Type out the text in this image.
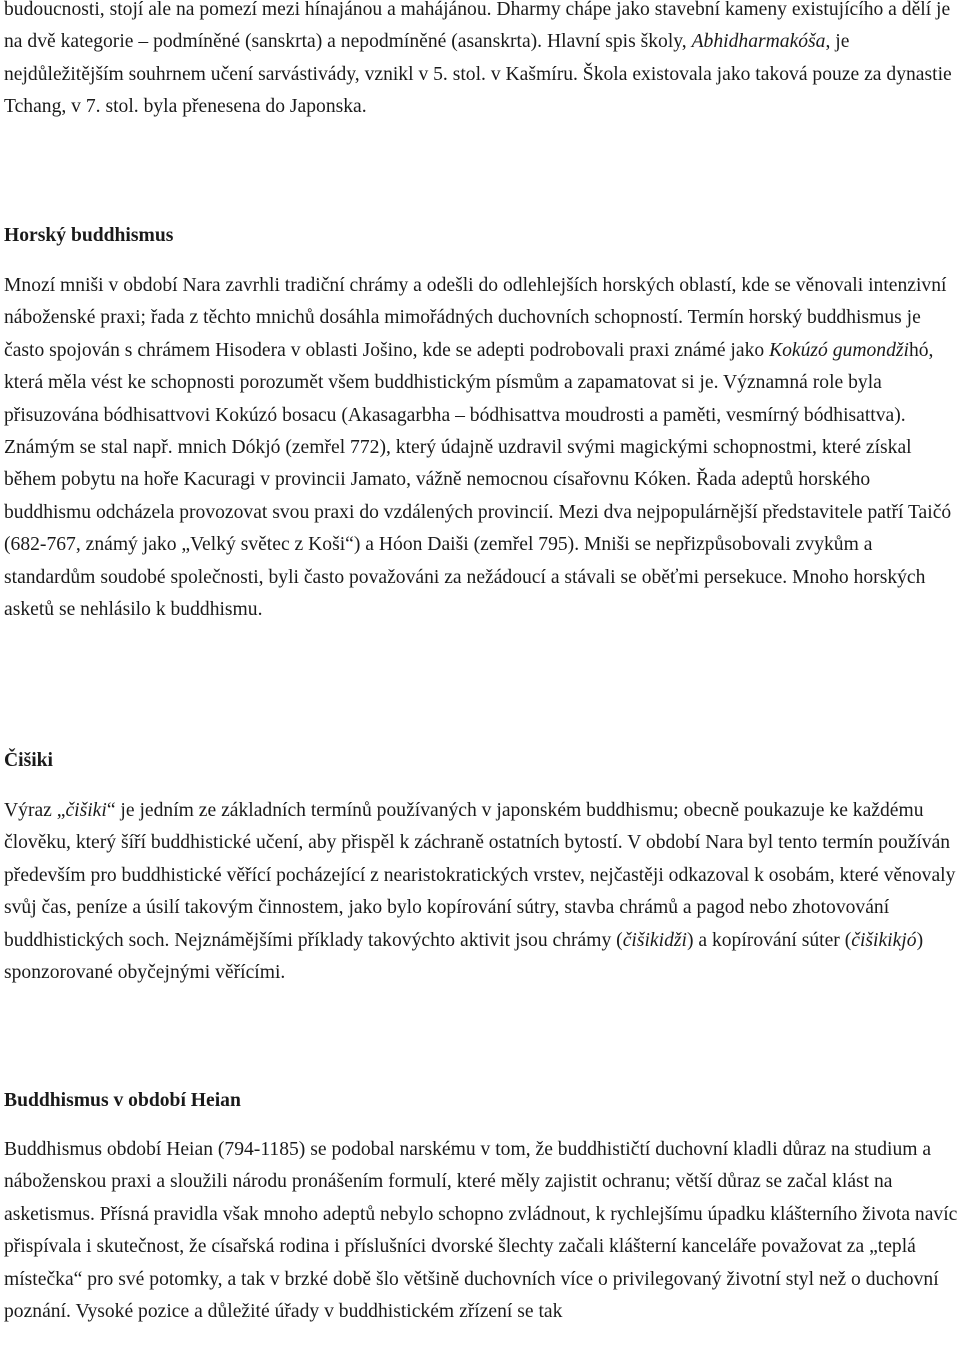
budoucnosti, stojí ale na pomezí mezi hínajánou a mahájánou. Dharmy chápe jako stavební kameny existujícího a dělí je na dvě kategorie – podmíněné (sanskrta) a nepodmíněné (asanskrta). Hlavní spis školy, Abhidharmakóša, je nejdůležitějším souhrnem učení sarvástivády, vznikl v 5. stol. v Kašmíru. Škola existovala jako taková pouze za dynastie Tchang, v 7. stol. byla přenesena do Japonska.

Horský buddhismus

Mnozí mniši v období Nara zavrhli tradiční chrámy a odešli do odlehlejších horských oblastí, kde se věnovali intenzivní náboženské praxi; řada z těchto mnichů dosáhla mimořádných duchovních schopností. Termín horský buddhismus je často spojován s chrámem Hisodera v oblasti Jošino, kde se adepti podrobovali praxi známé jako Kokúzó gumondžihó, která měla vést ke schopnosti porozumět všem buddhistickým písmům a zapamatovat si je. Významná role byla přisuzována bódhisattvovi Kokúzó bosacu (Akasagarbha – bódhisattva moudrosti a paměti, vesmírný bódhisattva). Známým se stal např. mnich Dókjó (zemřel 772), který údajně uzdravil svými magickými schopnostmi, které získal během pobytu na hoře Kacuragi v provincii Jamato, vážně nemocnou císařovnu Kóken. Řada adeptů horského buddhismu odcházela provozovat svou praxi do vzdálených provincií. Mezi dva nejpopulárnější představitele patří Taičó (682-767, známý jako „Velký světec z Koši“) a Hóon Daiši (zemřel 795). Mniši se nepřizpůsobovali zvykům a standardům soudobé společnosti, byli často považováni za nežádoucí a stávali se oběťmi persekuce. Mnoho horských asketů se nehlásilo k buddhismu.

Čišiki

Výraz „čišiki“ je jedním ze základních termínů používaných v japonském buddhismu; obecně poukazuje ke každému člověku, který šíří buddhistické učení, aby přispěl k záchraně ostatních bytostí. V období Nara byl tento termín používán především pro buddhistické věřící pocházející z nearistokratických vrstev, nejčastěji odkazoval k osobám, které věnovaly svůj čas, peníze a úsilí takovým činnostem, jako bylo kopírování sútry, stavba chrámů a pagod nebo zhotovování buddhistických soch. Nejznámějšími příklady takovýchto aktivit jsou chrámy (čišikidži) a kopírování súter (čišikikjó) sponzorované obyčejnými věřícími.

Buddhismus v období Heian

Buddhismus období Heian (794-1185) se podobal narskému v tom, že buddhističtí duchovní kladli důraz na studium a náboženskou praxi a sloužili národu pronášením formulí, které měly zajistit ochranu; větší důraz se začal klást na asketismus. Přísná pravidla však mnoho adeptů nebylo schopno zvládnout, k rychlejšímu úpadku klášterního života navíc přispívala i skutečnost, že císařská rodina i příslušníci dvorské šlechty začali klášterní kanceláře považovat za „teplá místečka“ pro své potomky, a tak v brzké době šlo většině duchovních více o privilegovaný životní styl než o duchovní poznání. Vysoké pozice a důležité úřady v buddhistickém zřízení se tak
